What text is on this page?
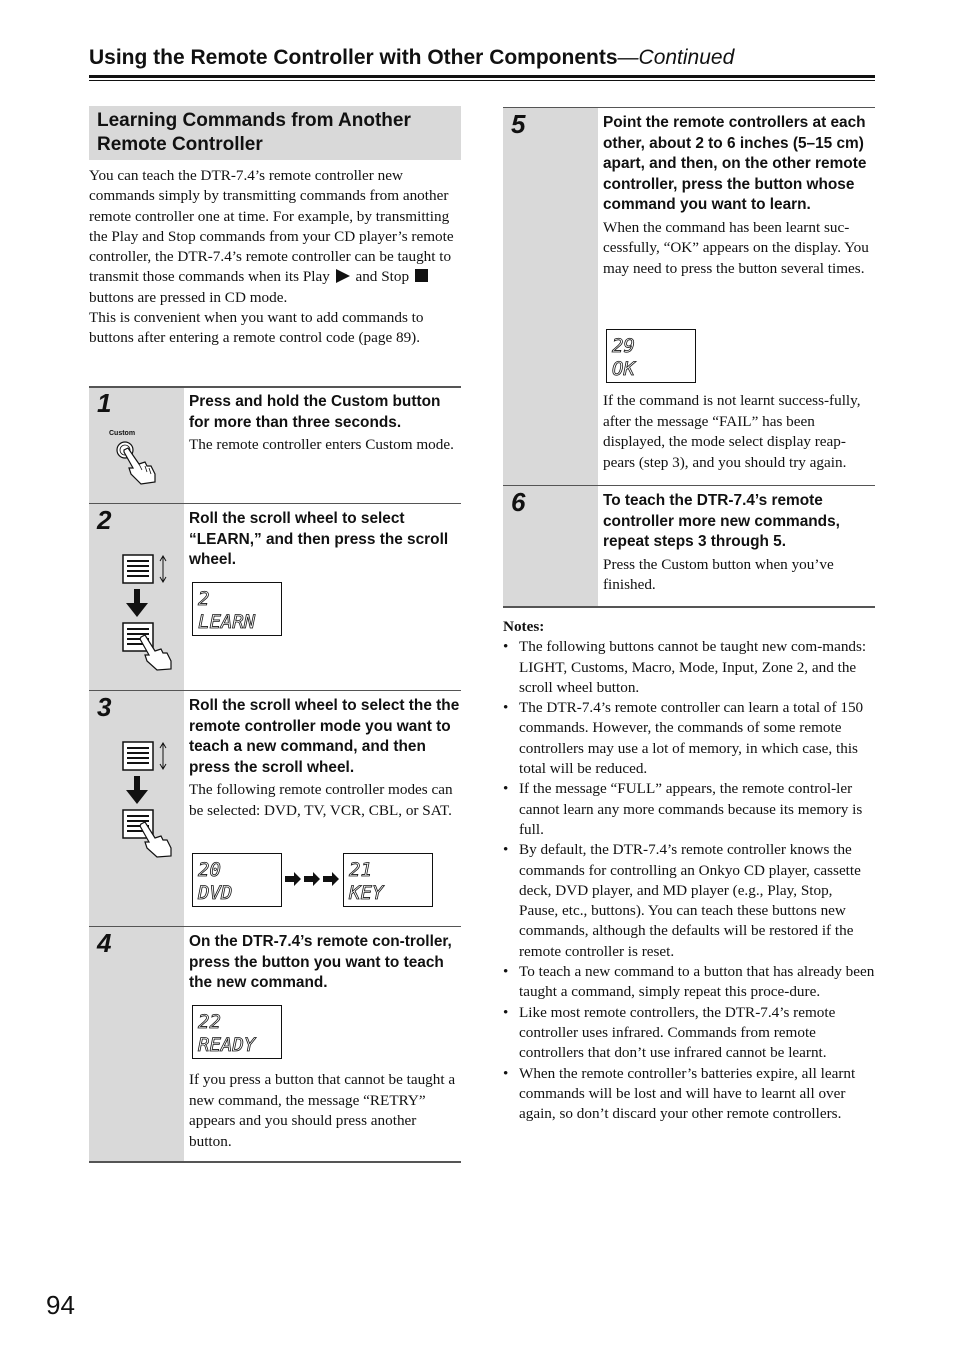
Using the Remote Controller with Other Components—Continued
Learning Commands from Another Remote Controller

You can teach the DTR-7.4’s remote controller new commands simply by transmitting commands from another remote controller one at time. For example, by transmitting the Play and Stop commands from your CD player’s remote controller, the DTR-7.4’s remote controller can be taught to transmit those commands when its Play and Stop  buttons are pressed in CD mode.

This is convenient when you want to add commands to buttons after entering a remote control code (page 89).

1
Custom
Press and hold the Custom button for more than three seconds.
The remote controller enters Custom mode.
2	Roll the scroll wheel to select “LEARN,” and then press the scroll wheel.
2
LEARN
3	Roll the scroll wheel to select the the remote controller mode you want to teach a new command, and then press the scroll wheel.
The following remote controller modes can be selected: DVD, TV, VCR, CBL, or SAT.
20
DVD
21
KEY
4	On the DTR-7.4’s remote con-troller, press the button you want to teach the new command.
22
READY
If you press a button that cannot be taught a new command, the message “RETRY” appears and you should press another button.
5	Point the remote controllers at each other, about 2 to 6 inches (5–15 cm) apart, and then, on the other remote controller, press the button whose command you want to learn.
When the command has been learnt suc-cessfully, “OK” appears on the display. You may need to press the button several times.
29
OK
If the command is not learnt success-fully, after the message “FAIL” has been displayed, the mode select display reap-pears (step 3), and you should try again.
6	To teach the DTR-7.4’s remote controller more new commands, repeat steps 3 through 5.
Press the Custom button when you’ve finished.
Notes:
• The following buttons cannot be taught new com-mands: LIGHT, Customs, Macro, Mode, Input, Zone 2, and the scroll wheel button.
• The DTR-7.4’s remote controller can learn a total of 150 commands. However, the commands of some remote controllers may use a lot of memory, in which case, this total will be reduced.
• If the message “FULL” appears, the remote control-ler cannot learn any more commands because its memory is full.
• By default, the DTR-7.4’s remote controller knows the commands for controlling an Onkyo CD player, cassette deck, DVD player, and MD player (e.g., Play, Stop, Pause, etc., buttons). You can teach these buttons new commands, although the defaults will be restored if the remote controller is reset.
• To teach a new command to a button that has already been taught a command, simply repeat this proce-dure.
• Like most remote controllers, the DTR-7.4’s remote controller uses infrared. Commands from remote controllers that don’t use infrared cannot be learnt.
• When the remote controller’s batteries expire, all learnt commands will be lost and will have to learnt all over again, so don’t discard your other remote controllers.
94
